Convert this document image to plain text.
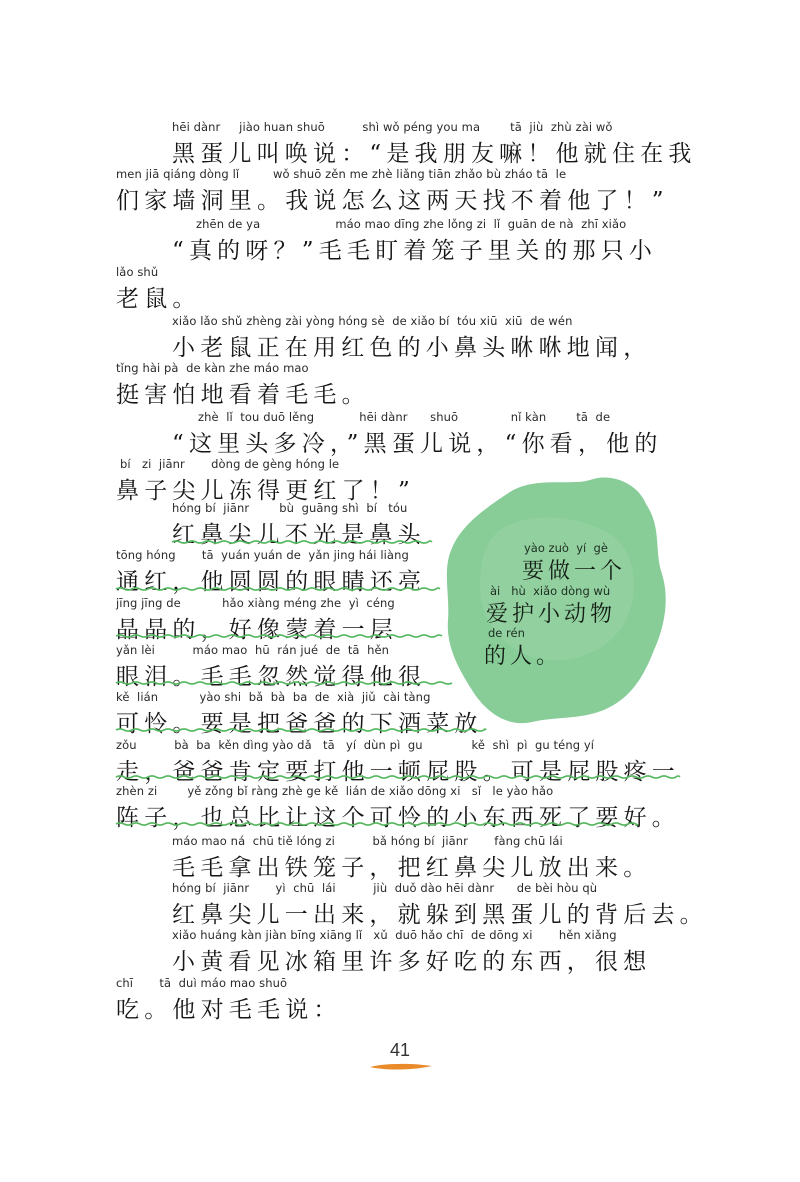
hēi dànr     jiào huan shuō          shì wǒ péng you ma        tā  jiù  zhù zài wǒ
黑蛋儿叫唤说：“是我朋友嘛！他就住在我
men jiā qiáng dòng lǐ         wǒ shuō zěn me zhè liǎng tiān zhǎo bù zháo tā  le
们家墙洞里。我说怎么这两天找不着他了！”
zhēn de ya                    máo mao dīng zhe lǒng zi  lǐ  guān de nà  zhī xiǎo
“真的呀？”毛毛盯着笼子里关的那只小
lǎo shǔ
老鼠。
xiǎo lǎo shǔ zhèng zài yòng hóng sè  de xiǎo bí  tóu xiū  xiū  de wén
小老鼠正在用红色的小鼻头咻咻地闻，
tǐng hài pà  de kàn zhe máo mao
挺害怕地看着毛毛。
zhè  lǐ  tou duō lěng            hēi dànr      shuō              nǐ kàn        tā  de
“这里头多冷，”黑蛋儿说，“你看，他的
bí   zi  jiānr       dòng de gèng hóng le
鼻子尖儿冻得更红了！”
hóng bí  jiānr        bù  guāng shì  bí   tóu
红鼻尖儿不光是鼻头
tōng hóng       tā  yuán yuán de  yǎn jing hái liàng
通红，他圆圆的眼睛还亮
jīng jīng de           hǎo xiàng méng zhe  yì  céng
晶晶的，好像蒙着一层
yǎn lèi          máo mao  hū  rán jué  de  tā  hěn
眼泪。毛毛忽然觉得他很
kě  lián           yào shi  bǎ  bà  ba  de  xià  jiǔ  cài tàng
可怜。要是把爸爸的下酒菜放
zǒu          bà  ba  kěn dìng yào dǎ   tā   yí  dùn pì  gu             kě  shì  pì  gu téng yí
走，爸爸肯定要打他一顿屁股。可是屁股疼一
zhèn zi        yě zǒng bǐ ràng zhè ge kě  lián de xiǎo dōng xi   sǐ   le yào hǎo
阵子，也总比让这个可怜的小东西死了要好。
yào zuò  yí  gè
要做一个
ài   hù  xiǎo dòng wù
爱护小动物
de rén
的人。
máo mao ná  chū tiě lóng zi          bǎ hóng bí  jiānr       fàng chū lái
毛毛拿出铁笼子，把红鼻尖儿放出来。
hóng bí  jiānr       yì  chū  lái          jiù  duǒ dào hēi dànr      de bèi hòu qù
红鼻尖儿一出来，就躲到黑蛋儿的背后去。
xiǎo huáng kàn jiàn bīng xiāng lǐ   xǔ  duō hǎo chī  de dōng xi       hěn xiǎng
小黄看见冰箱里许多好吃的东西，很想
chī       tā  duì máo mao shuō
吃。他对毛毛说：
41
